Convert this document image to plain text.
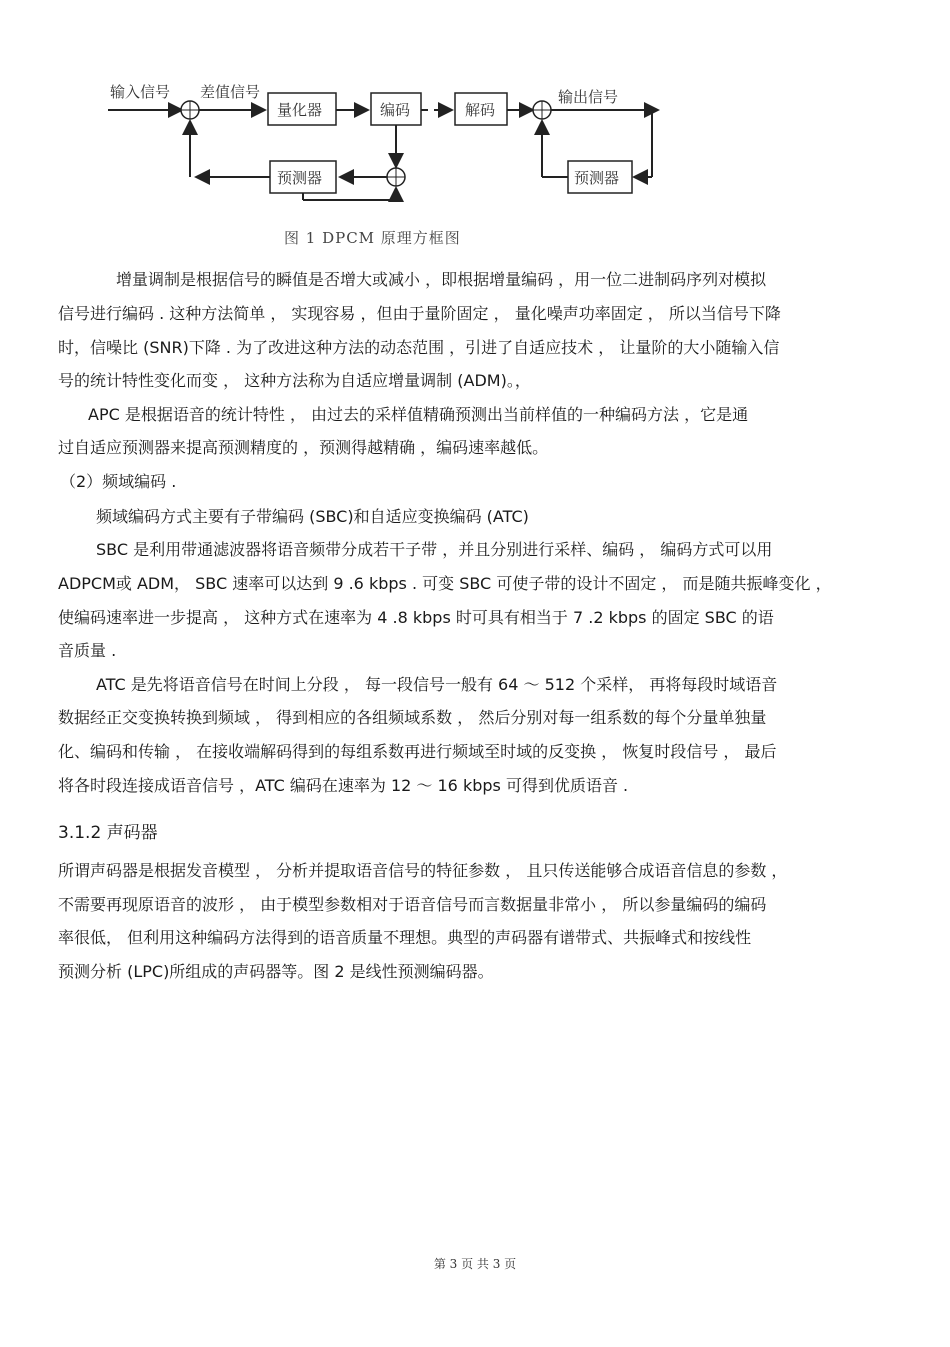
输入信号 差值信号
量化器	编码	解码
输出信号
预测器
预测器
图 1 DPCM 原理方框图
增量调制是根据信号的瞬值是否增大或减小 ，即根据增量编码 ，用一位二进制码序列对模拟
信号进行编码 . 这种方法简单 ， 实现容易 ，但由于量阶固定 ， 量化噪声功率固定 ， 所以当信号下降
时，信噪比 (SNR)下降 . 为了改进这种方法的动态范围 ，引进了自适应技术 ， 让量阶的大小随输入信
号的统计特性变化而变 ， 这种方法称为自适应增量调制 (ADM)。，
APC 是根据语音的统计特性 ， 由过去的采样值精确预测出当前样值的一种编码方法 ，它是通
过自适应预测器来提高预测精度的 ，预测得越精确 ，编码速率越低。
（2）频域编码 .
频域编码方式主要有子带编码 (SBC)和自适应变换编码 (ATC)
SBC 是利用带通滤波器将语音频带分成若干子带 ，并且分别进行采样、编码 ， 编码方式可以用
ADPCM或 ADM， SBC 速率可以达到 9 .6 kbps . 可变 SBC 可使子带的设计不固定 ， 而是随共振峰变化 ，
使编码速率进一步提高 ， 这种方式在速率为 4 .8 kbps 时可具有相当于 7 .2 kbps 的固定 SBC 的语
音质量 .
ATC 是先将语音信号在时间上分段 ， 每一段信号一般有 64 ～ 512 个采样， 再将每段时域语音
数据经正交变换转换到频域 ， 得到相应的各组频域系数 ， 然后分别对每一组系数的每个分量单独量
化、编码和传输 ， 在接收端解码得到的每组系数再进行频域至时域的反变换 ， 恢复时段信号 ， 最后
将各时段连接成语音信号 ，ATC 编码在速率为 12 ～ 16 kbps 可得到优质语音 .
3.1.2 声码器
所谓声码器是根据发音模型 ， 分析并提取语音信号的特征参数 ， 且只传送能够合成语音信息的参数 ，
不需要再现原语音的波形 ， 由于模型参数相对于语音信号而言数据量非常小 ， 所以参量编码的编码
率很低， 但利用这种编码方法得到的语音质量不理想。典型的声码器有谱带式、共振峰式和按线性
预测分析 (LPC)所组成的声码器等。图 2 是线性预测编码器。
第 3 页 共 3 页
